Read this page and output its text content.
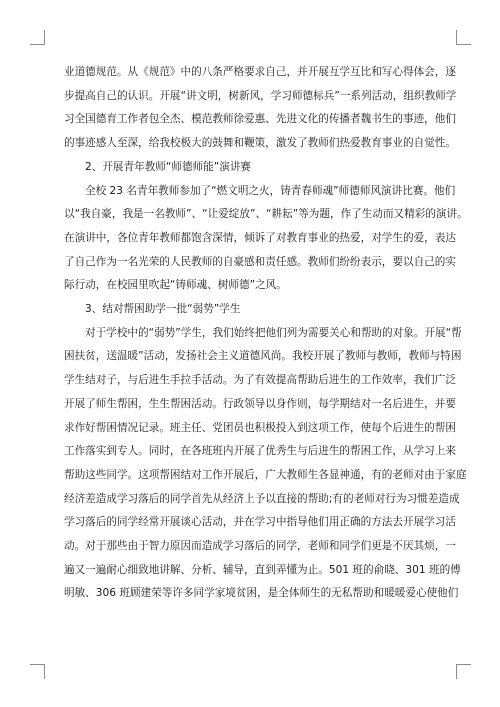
业道德规范。从《规范》中的八条严格要求自己，并开展互学互比和写心得体会，逐
步提高自己的认识。开展“讲文明，树新风，学习师德标兵”一系列活动，组织教师学
习全国德育工作者包全杰、模范教师徐爱惠、先进文化的传播者魏书生的事迹，他们
的事迹感人至深，给我校极大的鼓舞和鞭策，激发了教师们热爱教育事业的自觉性。

2、开展青年教师“师德师能”演讲赛

全校 23 名青年教师参加了“燃文明之火，铸青春师魂”师德师风演讲比赛。他们
以“我自豪，我是一名教师”、“让爱绽放”、“耕耘”等为题，作了生动而又精彩的演讲。
在演讲中，各位青年教师都饱含深情，倾诉了对教育事业的热爱，对学生的爱，表达
了自己作为一名光荣的人民教师的自豪感和责任感。教师们纷纷表示，要以自己的实
际行动，在校园里吹起“铸师魂、树师德”之风。

3、结对帮困助学一批“弱势”学生

对于学校中的“弱势”学生，我们始终把他们列为需要关心和帮助的对象。开展“帮
困扶贫，送温暖”活动，发扬社会主义道德风尚。我校开展了教师与教师，教师与特困
学生结对子，与后进生手拉手活动。为了有效提高帮助后进生的工作效率，我们广泛
开展了师生帮困，生生帮困活动。行政领导以身作则，每学期结对一名后进生，并要
求作好帮困情况记录。班主任、党团员也积极投入到这项工作，使每个后进生的帮困
工作落实到专人。同时，在各班班内开展了优秀生与后进生的帮困工作，从学习上来
帮助这些同学。这项帮困结对工作开展后，广大教师生各显神通，有的老师对由于家庭
经济差造成学习落后的同学首先从经济上予以直接的帮助;有的老师对行为习惯差造成
学习落后的同学经常开展谈心活动，并在学习中指导他们用正确的方法去开展学习活
动。对于那些由于智力原因而造成学习落后的同学，老师和同学们更是不厌其烦，一
遍又一遍耐心细致地讲解、分析、辅导，直到弄懂为止。501 班的俞晓、301 班的傅
明敏、306 班顾建荣等许多同学家境贫困，是全体师生的无私帮助和暖暖爱心使他们
